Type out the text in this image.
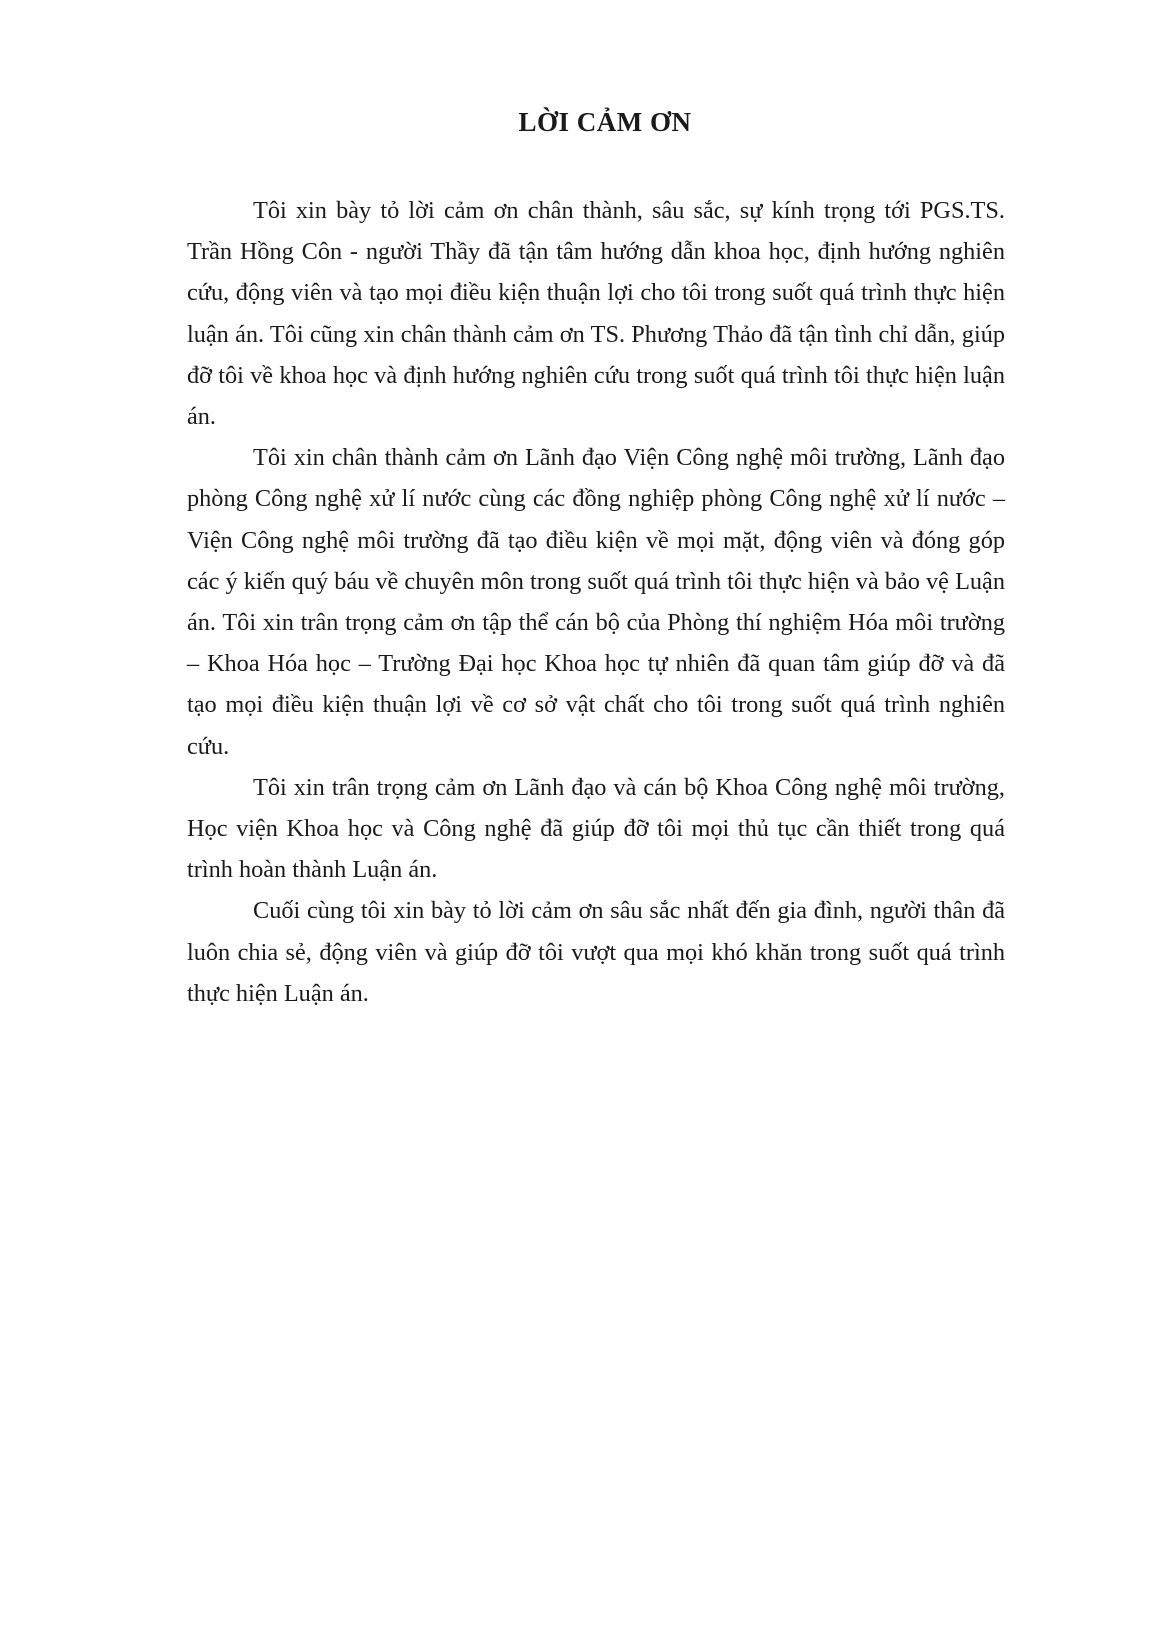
LỜI CẢM ƠN

Tôi xin bày tỏ lời cảm ơn chân thành, sâu sắc, sự kính trọng tới PGS.TS. Trần Hồng Côn - người Thầy đã tận tâm hướng dẫn khoa học, định hướng nghiên cứu, động viên và tạo mọi điều kiện thuận lợi cho tôi trong suốt quá trình thực hiện luận án. Tôi cũng xin chân thành cảm ơn TS. Phương Thảo đã tận tình chỉ dẫn, giúp đỡ tôi về khoa học và định hướng nghiên cứu trong suốt quá trình tôi thực hiện luận án.

Tôi xin chân thành cảm ơn Lãnh đạo Viện Công nghệ môi trường, Lãnh đạo phòng Công nghệ xử lí nước cùng các đồng nghiệp phòng Công nghệ xử lí nước – Viện Công nghệ môi trường đã tạo điều kiện về mọi mặt, động viên và đóng góp các ý kiến quý báu về chuyên môn trong suốt quá trình tôi thực hiện và bảo vệ Luận án. Tôi xin trân trọng cảm ơn tập thể cán bộ của Phòng thí nghiệm Hóa môi trường – Khoa Hóa học – Trường Đại học Khoa học tự nhiên đã quan tâm giúp đỡ và đã tạo mọi điều kiện thuận lợi về cơ sở vật chất cho tôi trong suốt quá trình nghiên cứu.

Tôi xin trân trọng cảm ơn Lãnh đạo và cán bộ Khoa Công nghệ môi trường, Học viện Khoa học và Công nghệ đã giúp đỡ tôi mọi thủ tục cần thiết trong quá trình hoàn thành Luận án.

Cuối cùng tôi xin bày tỏ lời cảm ơn sâu sắc nhất đến gia đình, người thân đã luôn chia sẻ, động viên và giúp đỡ tôi vượt qua mọi khó khăn trong suốt quá trình thực hiện Luận án.
